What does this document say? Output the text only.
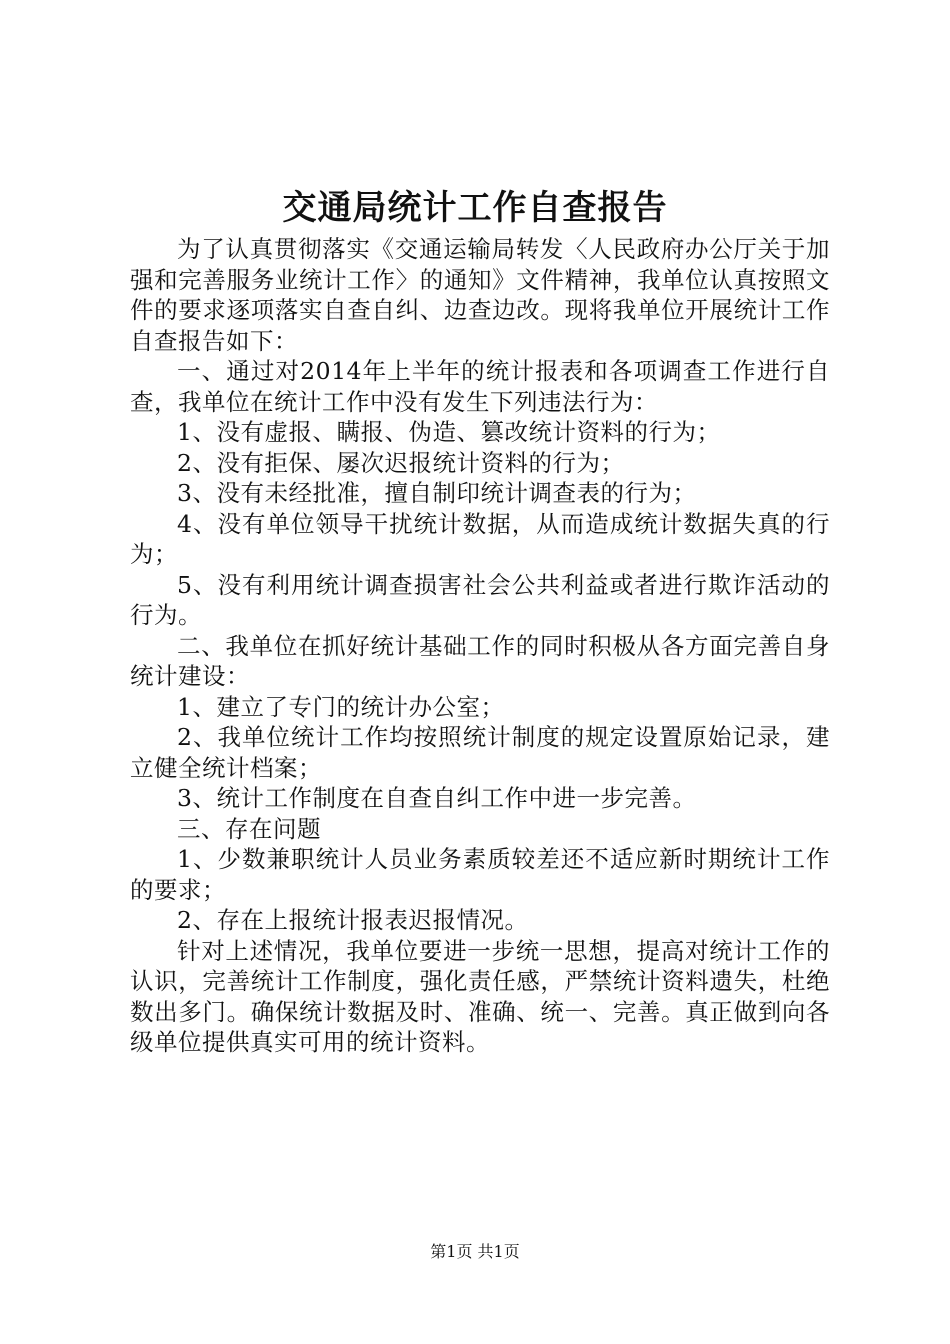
交通局统计工作自查报告

为了认真贯彻落实《交通运输局转发〈人民政府办公厅关于加强和完善服务业统计工作〉的通知》文件精神，我单位认真按照文件的要求逐项落实自查自纠、边查边改。现将我单位开展统计工作自查报告如下：

一、通过对2014年上半年的统计报表和各项调查工作进行自查，我单位在统计工作中没有发生下列违法行为：

1、没有虚报、瞒报、伪造、篡改统计资料的行为；

2、没有拒保、屡次迟报统计资料的行为；

3、没有未经批准，擅自制印统计调查表的行为；

4、没有单位领导干扰统计数据，从而造成统计数据失真的行为；

5、没有利用统计调查损害社会公共利益或者进行欺诈活动的行为。

二、我单位在抓好统计基础工作的同时积极从各方面完善自身统计建设：

1、建立了专门的统计办公室；

2、我单位统计工作均按照统计制度的规定设置原始记录，建立健全统计档案；

3、统计工作制度在自查自纠工作中进一步完善。

三、存在问题

1、少数兼职统计人员业务素质较差还不适应新时期统计工作的要求；

2、存在上报统计报表迟报情况。

针对上述情况，我单位要进一步统一思想，提高对统计工作的认识，完善统计工作制度，强化责任感，严禁统计资料遗失，杜绝数出多门。确保统计数据及时、准确、统一、完善。真正做到向各级单位提供真实可用的统计资料。

第1页 共1页
